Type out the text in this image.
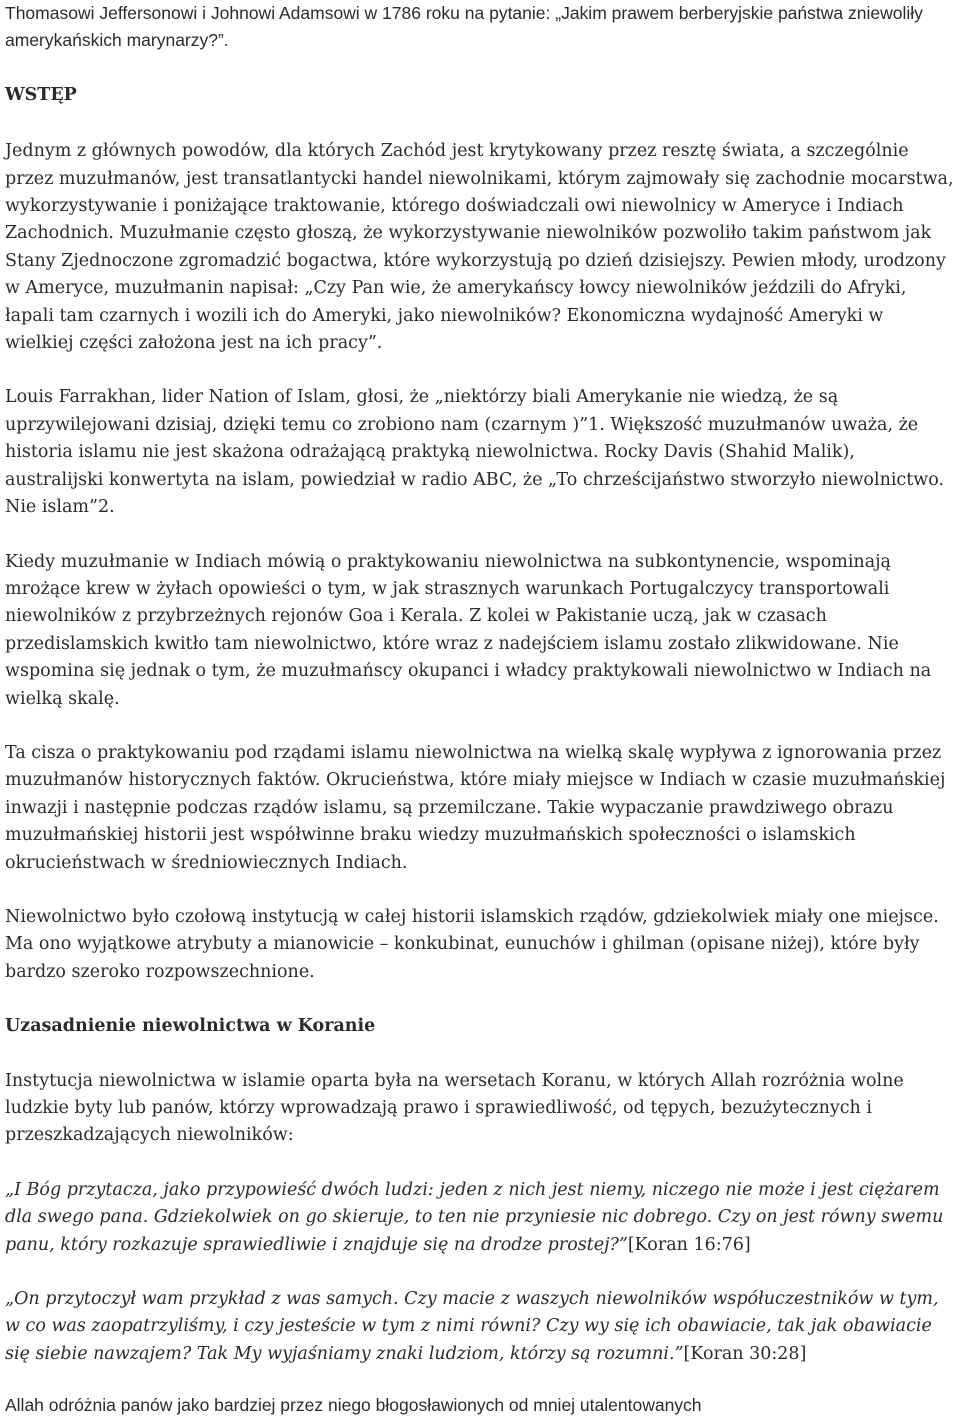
Thomasowi Jeffersonowi i Johnowi Adamsowi w 1786 roku na pytanie: „Jakim prawem berberyjskie państwa zniewoliły amerykańskich marynarzy?”.

WSTĘP

Jednym z głównych powodów, dla których Zachód jest krytykowany przez resztę świata, a szczególnie przez muzułmanów, jest transatlantycki handel niewolnikami, którym zajmowały się zachodnie mocarstwa, wykorzystywanie i poniżające traktowanie, którego doświadczali owi niewolnicy w Ameryce i Indiach Zachodnich. Muzułmanie często głoszą, że wykorzystywanie niewolników pozwoliło takim państwom jak Stany Zjednoczone zgromadzić bogactwa, które wykorzystują po dzień dzisiejszy. Pewien młody, urodzony w Ameryce, muzułmanin napisał: „Czy Pan wie, że amerykańscy łowcy niewolników jeździli do Afryki, łapali tam czarnych i wozili ich do Ameryki, jako niewolników? Ekonomiczna wydajność Ameryki w wielkiej części założona jest na ich pracy”.

Louis Farrakhan, lider Nation of Islam, głosi, że „niektórzy biali Amerykanie nie wiedzą, że są uprzywilejowani dzisiaj, dzięki temu co zrobiono nam (czarnym )”1. Większość muzułmanów uważa, że historia islamu nie jest skażona odrażającą praktyką niewolnictwa. Rocky Davis (Shahid Malik), australijski konwertyta na islam, powiedział w radio ABC, że „To chrześcijaństwo stworzyło niewolnictwo. Nie islam”2.

Kiedy muzułmanie w Indiach mówią o praktykowaniu niewolnictwa na subkontynencie, wspominają mrożące krew w żyłach opowieści o tym, w jak strasznych warunkach Portugalczycy transportowali niewolników z przybrzeżnych rejonów Goa i Kerala. Z kolei w Pakistanie uczą, jak w czasach przedislamskich kwitło tam niewolnictwo, które wraz z nadejściem islamu zostało zlikwidowane. Nie wspomina się jednak o tym, że muzułmańscy okupanci i władcy praktykowali niewolnictwo w Indiach na wielką skalę.

Ta cisza o praktykowaniu pod rządami islamu niewolnictwa na wielką skalę wypływa z ignorowania przez muzułmanów historycznych faktów. Okrucieństwa, które miały miejsce w Indiach w czasie muzułmańskiej inwazji i następnie podczas rządów islamu, są przemilczane. Takie wypaczanie prawdziwego obrazu muzułmańskiej historii jest współwinne braku wiedzy muzułmańskich społeczności o islamskich okrucieństwach w średniowiecznych Indiach.

Niewolnictwo było czołową instytucją w całej historii islamskich rządów, gdziekolwiek miały one miejsce. Ma ono wyjątkowe atrybuty a mianowicie – konkubinat, eunuchów i ghilman (opisane niżej), które były bardzo szeroko rozpowszechnione.

Uzasadnienie niewolnictwa w Koranie

Instytucja niewolnictwa w islamie oparta była na wersetach Koranu, w których Allah rozróżnia wolne ludzkie byty lub panów, którzy wprowadzają prawo i sprawiedliwość, od tępych, bezużytecznych i przeszkadzających niewolników:

„I Bóg przytacza, jako przypowieść dwóch ludzi: jeden z nich jest niemy, niczego nie może i jest ciężarem dla swego pana. Gdziekolwiek on go skieruje, to ten nie przyniesie nic dobrego. Czy on jest równy swemu panu, który rozkazuje sprawiedliwie i znajduje się na drodze prostej?”[Koran 16:76]

„On przytoczył wam przykład z was samych. Czy macie z waszych niewolników współuczestników w tym, w co was zaopatrzyliśmy, i czy jesteście w tym z nimi równi? Czy wy się ich obawiacie, tak jak obawiacie się siebie nawzajem? Tak My wyjaśniamy znaki ludziom, którzy są rozumni.”[Koran 30:28]

Allah odróżnia panów jako bardziej przez niego błogosławionych od mniej utalentowanych
